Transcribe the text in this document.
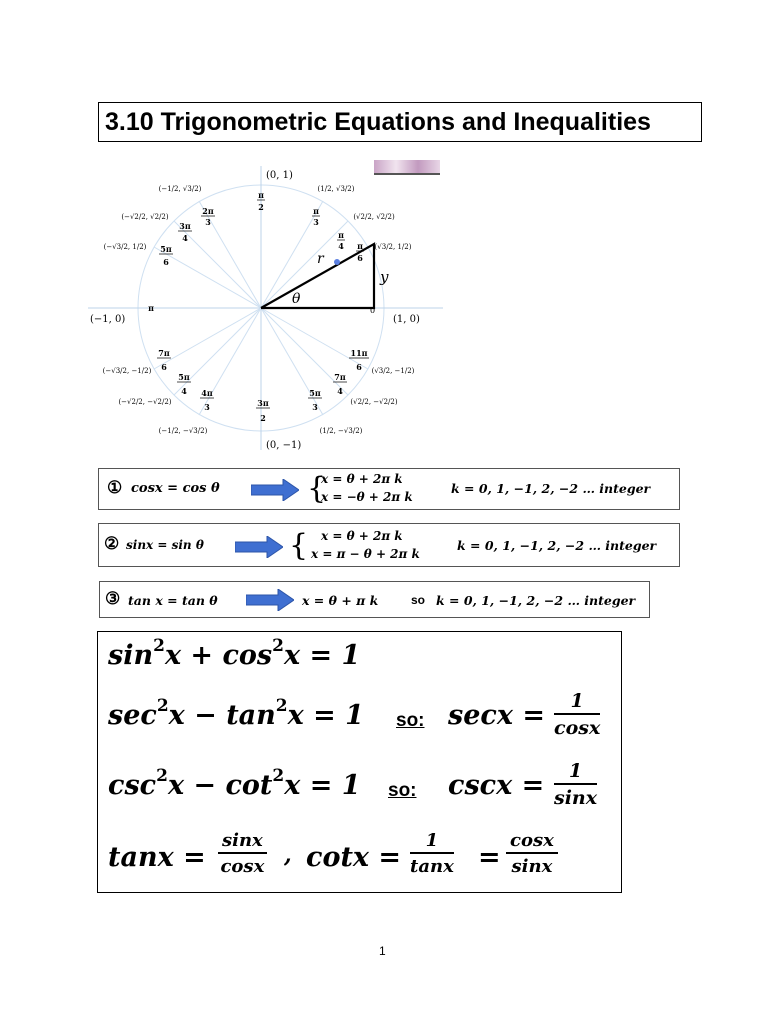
3.10 Trigonometric Equations and Inequalities
r
y
θ
0
(0, 1)
(0, −1)
(−1, 0)	(1, 0)
π
2	π
3
π
4 π
6
2π
3
3π
4
5π
6
π
7π
6
5π
4 4π
3	3π
2
5π
3
7π
4
11π
6
(−1/2, √3/2)	(1/2, √3/2)
(−√2/2, √2/2)	(√2/2, √2/2)
(−√3/2, 1/2)	(√3/2, 1/2)
(−√3/2, −1/2)	(√3/2, −1/2)
(−√2/2, −√2/2)	(√2/2, −√2/2)
(−1/2, −√3/2)	(1/2, −√3/2)
① cosx = cos θ	{
x = θ + 2π k
x = −θ + 2π k
k = 0, 1, −1, 2, −2 … integer
② sinx = sin θ	{ x = θ + 2π k
x = π − θ + 2π k
k = 0, 1, −1, 2, −2 … integer
③ tan x = tan θ	x = θ + π k	so k = 0, 1, −1, 2, −2 … integer
$\sin^2x + \cos^2x = 1$
$\sec^2x - \tan^2x = 1$ so: $\sec x = \frac{1}{\cos x}$
$\csc^2x - \cot^2x = 1$ so: $\csc x = \frac{1}{\sin x}$
$\tan x = \frac{\sin x}{\cos x}$ , $\cot x = \frac{1}{\tan x} = \frac{\cos x}{\sin x}$
1
